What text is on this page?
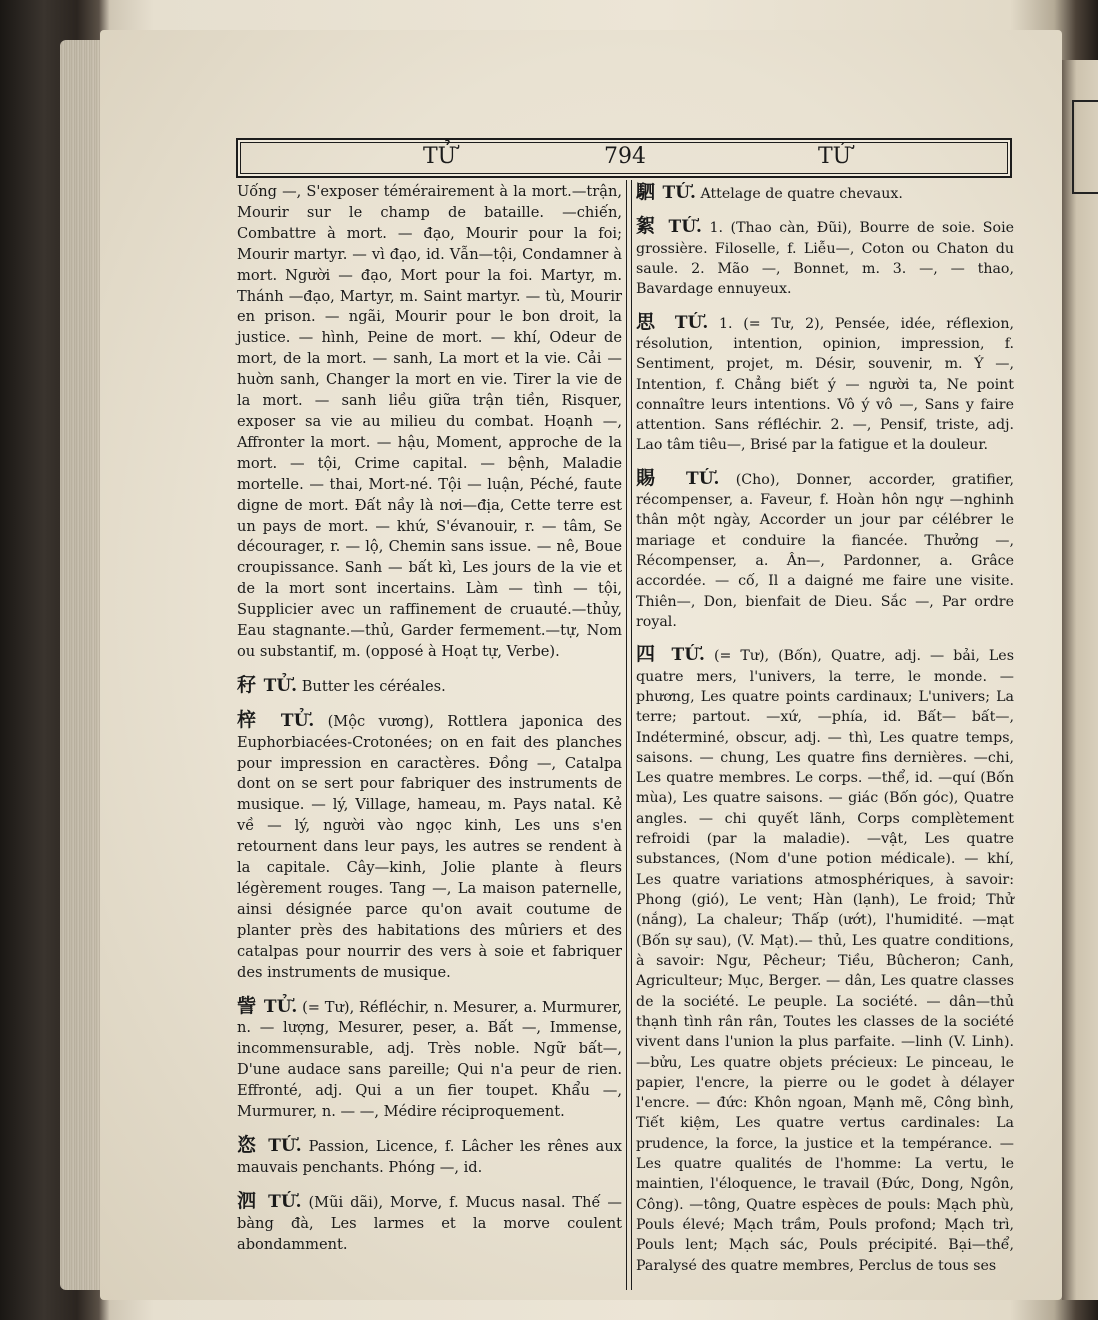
TỬ	794	TỨ

Uống —, S'exposer témérairement à la mort.—trận, Mourir sur le champ de bataille. —chiến, Combattre à mort. — đạo, Mourir pour la foi; Mourir martyr. — vì đạo, id. Vẫn—tội, Condamner à mort. Người — đạo, Mort pour la foi. Martyr, m. Thánh —đạo, Martyr, m. Saint martyr. — tù, Mourir en prison. — ngãi, Mourir pour le bon droit, la justice. — hình, Peine de mort. — khí, Odeur de mort, de la mort. — sanh, La mort et la vie. Cải — huờn sanh, Changer la mort en vie. Tirer la vie de la mort. — sanh liều giữa trận tiền, Risquer, exposer sa vie au milieu du combat. Hoạnh —, Affronter la mort. — hậu, Moment, approche de la mort. — tội, Crime capital. — bệnh, Maladie mortelle. — thai, Mort-né. Tội — luận, Péché, faute digne de mort. Đất nầy là nơi—địa, Cette terre est un pays de mort. — khứ, S'évanouir, r. — tâm, Se décourager, r. — lộ, Chemin sans issue. — nê, Boue croupissance. Sanh — bất kì, Les jours de la vie et de la mort sont incertains. Làm — tình — tội, Supplicier avec un raffinement de cruauté.—thủy, Eau stagnante.—thủ, Garder fermement.—tự, Nom ou substantif, m. (opposé à Hoạt tự, Verbe).

秄 TỬ. Butter les céréales.

梓 TỬ. (Mộc vương), Rottlera japonica des Euphorbiacées-Crotonées; on en fait des planches pour impression en caractères. Đồng —, Catalpa dont on se sert pour fabriquer des instruments de musique. — lý, Village, hameau, m. Pays natal. Kẻ về — lý, người vào ngọc kinh, Les uns s'en retournent dans leur pays, les autres se rendent à la capitale. Cây—kinh, Jolie plante à fleurs légèrement rouges. Tang —, La maison paternelle, ainsi désignée parce qu'on avait coutume de planter près des habitations des mûriers et des catalpas pour nourrir des vers à soie et fabriquer des instruments de musique.

訾 TỬ. (= Tư), Réfléchir, n. Mesurer, a. Murmurer, n. — lượng, Mesurer, peser, a. Bất —, Immense, incommensurable, adj. Très noble. Ngữ bất—, D'une audace sans pareille; Qui n'a peur de rien. Effronté, adj. Qui a un fier toupet. Khẩu —, Murmurer, n. — —, Médire réciproquement.

恣 TỨ. Passion, Licence, f. Lâcher les rênes aux mauvais penchants. Phóng —, id.

泗 TỨ. (Mũi dãi), Morve, f. Mucus nasal. Thế — bàng đà, Les larmes et la morve coulent abondamment.

駟 TỨ. Attelage de quatre chevaux.

絮 TỨ. 1. (Thao càn, Đũi), Bourre de soie. Soie grossière. Filoselle, f. Liễu—, Coton ou Chaton du saule. 2. Mão —, Bonnet, m. 3. —, — thao, Bavardage ennuyeux.

思 TỨ. 1. (= Tư, 2), Pensée, idée, réflexion, résolution, intention, opinion, impression, f. Sentiment, projet, m. Désir, souvenir, m. Ý —, Intention, f. Chẳng biết ý — người ta, Ne point connaître leurs intentions. Vô ý vô —, Sans y faire attention. Sans réfléchir. 2. —, Pensif, triste, adj. Lao tâm tiêu—, Brisé par la fatigue et la douleur.

賜 TỨ. (Cho), Donner, accorder, gratifier, récompenser, a. Faveur, f. Hoàn hôn ngự —nghinh thân một ngày, Accorder un jour par célébrer le mariage et conduire la fiancée. Thưởng —, Récompenser, a. Ân—, Pardonner, a. Grâce accordée. — cố, Il a daigné me faire une visite. Thiên—, Don, bienfait de Dieu. Sắc —, Par ordre royal.

四 TỨ. (= Tư), (Bốn), Quatre, adj. — bải, Les quatre mers, l'univers, la terre, le monde. —phương, Les quatre points cardinaux; L'univers; La terre; partout. —xứ, —phía, id. Bất— bất—, Indéterminé, obscur, adj. — thì, Les quatre temps, saisons. — chung, Les quatre fins dernières. —chi, Les quatre membres. Le corps. —thể, id. —quí (Bốn mùa), Les quatre saisons. — giác (Bốn góc), Quatre angles. — chi quyết lãnh, Corps complètement refroidi (par la maladie). —vật, Les quatre substances, (Nom d'une potion médicale). — khí, Les quatre variations atmosphériques, à savoir: Phong (gió), Le vent; Hàn (lạnh), Le froid; Thử (nắng), La chaleur; Thấp (ướt), l'humidité. —mạt (Bốn sự sau), (V. Mạt).— thủ, Les quatre conditions, à savoir: Ngư, Pêcheur; Tiều, Bûcheron; Canh, Agriculteur; Mục, Berger. — dân, Les quatre classes de la société. Le peuple. La société. — dân—thủ thạnh tình rân rân, Toutes les classes de la société vivent dans l'union la plus parfaite. —linh (V. Linh). —bửu, Les quatre objets précieux: Le pinceau, le papier, l'encre, la pierre ou le godet à délayer l'encre. — đức: Khôn ngoan, Mạnh mẽ, Công bình, Tiết kiệm, Les quatre vertus cardinales: La prudence, la force, la justice et la tempérance. — Les quatre qualités de l'homme: La vertu, le maintien, l'éloquence, le travail (Đức, Dong, Ngôn, Công). —tông, Quatre espèces de pouls: Mạch phù, Pouls élevé; Mạch trầm, Pouls profond; Mạch trì, Pouls lent; Mạch sác, Pouls précipité. Bại—thể, Paralysé des quatre membres, Perclus de tous ses
